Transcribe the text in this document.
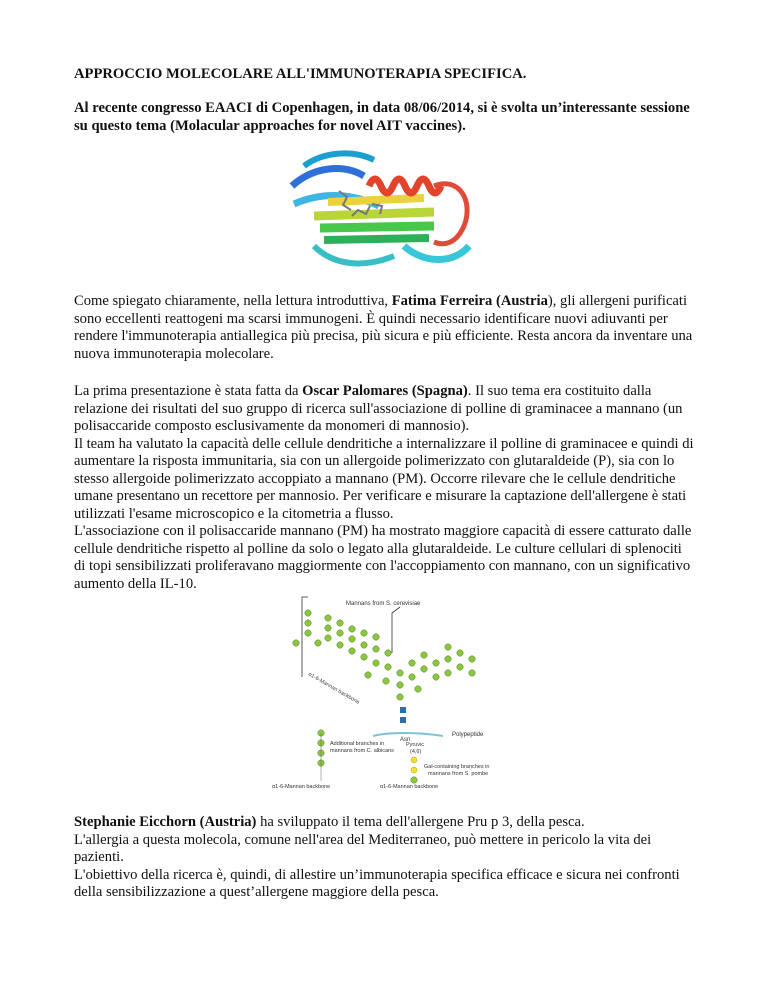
APPROCCIO MOLECOLARE ALL'IMMUNOTERAPIA SPECIFICA.

Al recente congresso EAACI di Copenhagen, in data 08/06/2014, si è svolta un’interessante sessione su questo tema (Molacular approaches for novel AIT vaccines).

· · ·

Come spiegato chiaramente, nella lettura introduttiva, Fatima Ferreira (Austria), gli allergeni purificati sono eccellenti reattogeni ma scarsi immunogeni. È quindi necessario identificare nuovi adiuvanti per rendere l'immunoterapia antiallegica più precisa, più sicura e più efficiente. Resta ancora da inventare una nuova immunoterapia molecolare.

La prima presentazione è stata fatta da Oscar Palomares (Spagna). Il suo tema era costituito dalla relazione dei risultati del suo gruppo di ricerca sull'associazione di polline di graminacee a mannano (un polisaccaride composto esclusivamente da monomeri di mannosio).
Il team ha valutato la capacità delle cellule dendritiche a internalizzare il polline di graminacee e quindi di aumentare la risposta immunitaria, sia con un allergoide polimerizzato con glutaraldeide (P), sia con lo stesso allergoide polimerizzato accoppiato a mannano (PM). Occorre rilevare che le cellule dendritiche umane presentano un recettore per mannosio. Per verificare e misurare la captazione dell'allergene è stati utilizzati l'esame microscopico e la citometria a flusso.
L'associazione con il polisaccaride mannano (PM) ha mostrato maggiore capacità di essere catturato dalle cellule dendritiche rispetto al polline da solo o legato alla glutaraldeide. Le culture cellulari di splenociti di topi sensibilizzati proliferavano maggiormente con l'accoppiamento con mannano, con un significativo aumento della IL-10.
Mannans from S. cerevisiae
α1-6-Mannan backbone
Asn
Polypeptide
α1-6-Mannan backbone
Additional branches in
mannans from C. albicans
Pyruvic
(4,6)
Gal-containing branches in
mannans from S. pombe
α1-6-Mannan backbone
Stephanie Eicchorn (Austria) ha sviluppato il tema dell'allergene Pru p 3, della pesca.
L'allergia a questa molecola, comune nell'area del Mediterraneo, può mettere in pericolo la vita dei pazienti.
L'obiettivo della ricerca è, quindi, di allestire un’immunoterapia specifica efficace e sicura nei confronti della sensibilizzazione a quest’allergene maggiore della pesca.
